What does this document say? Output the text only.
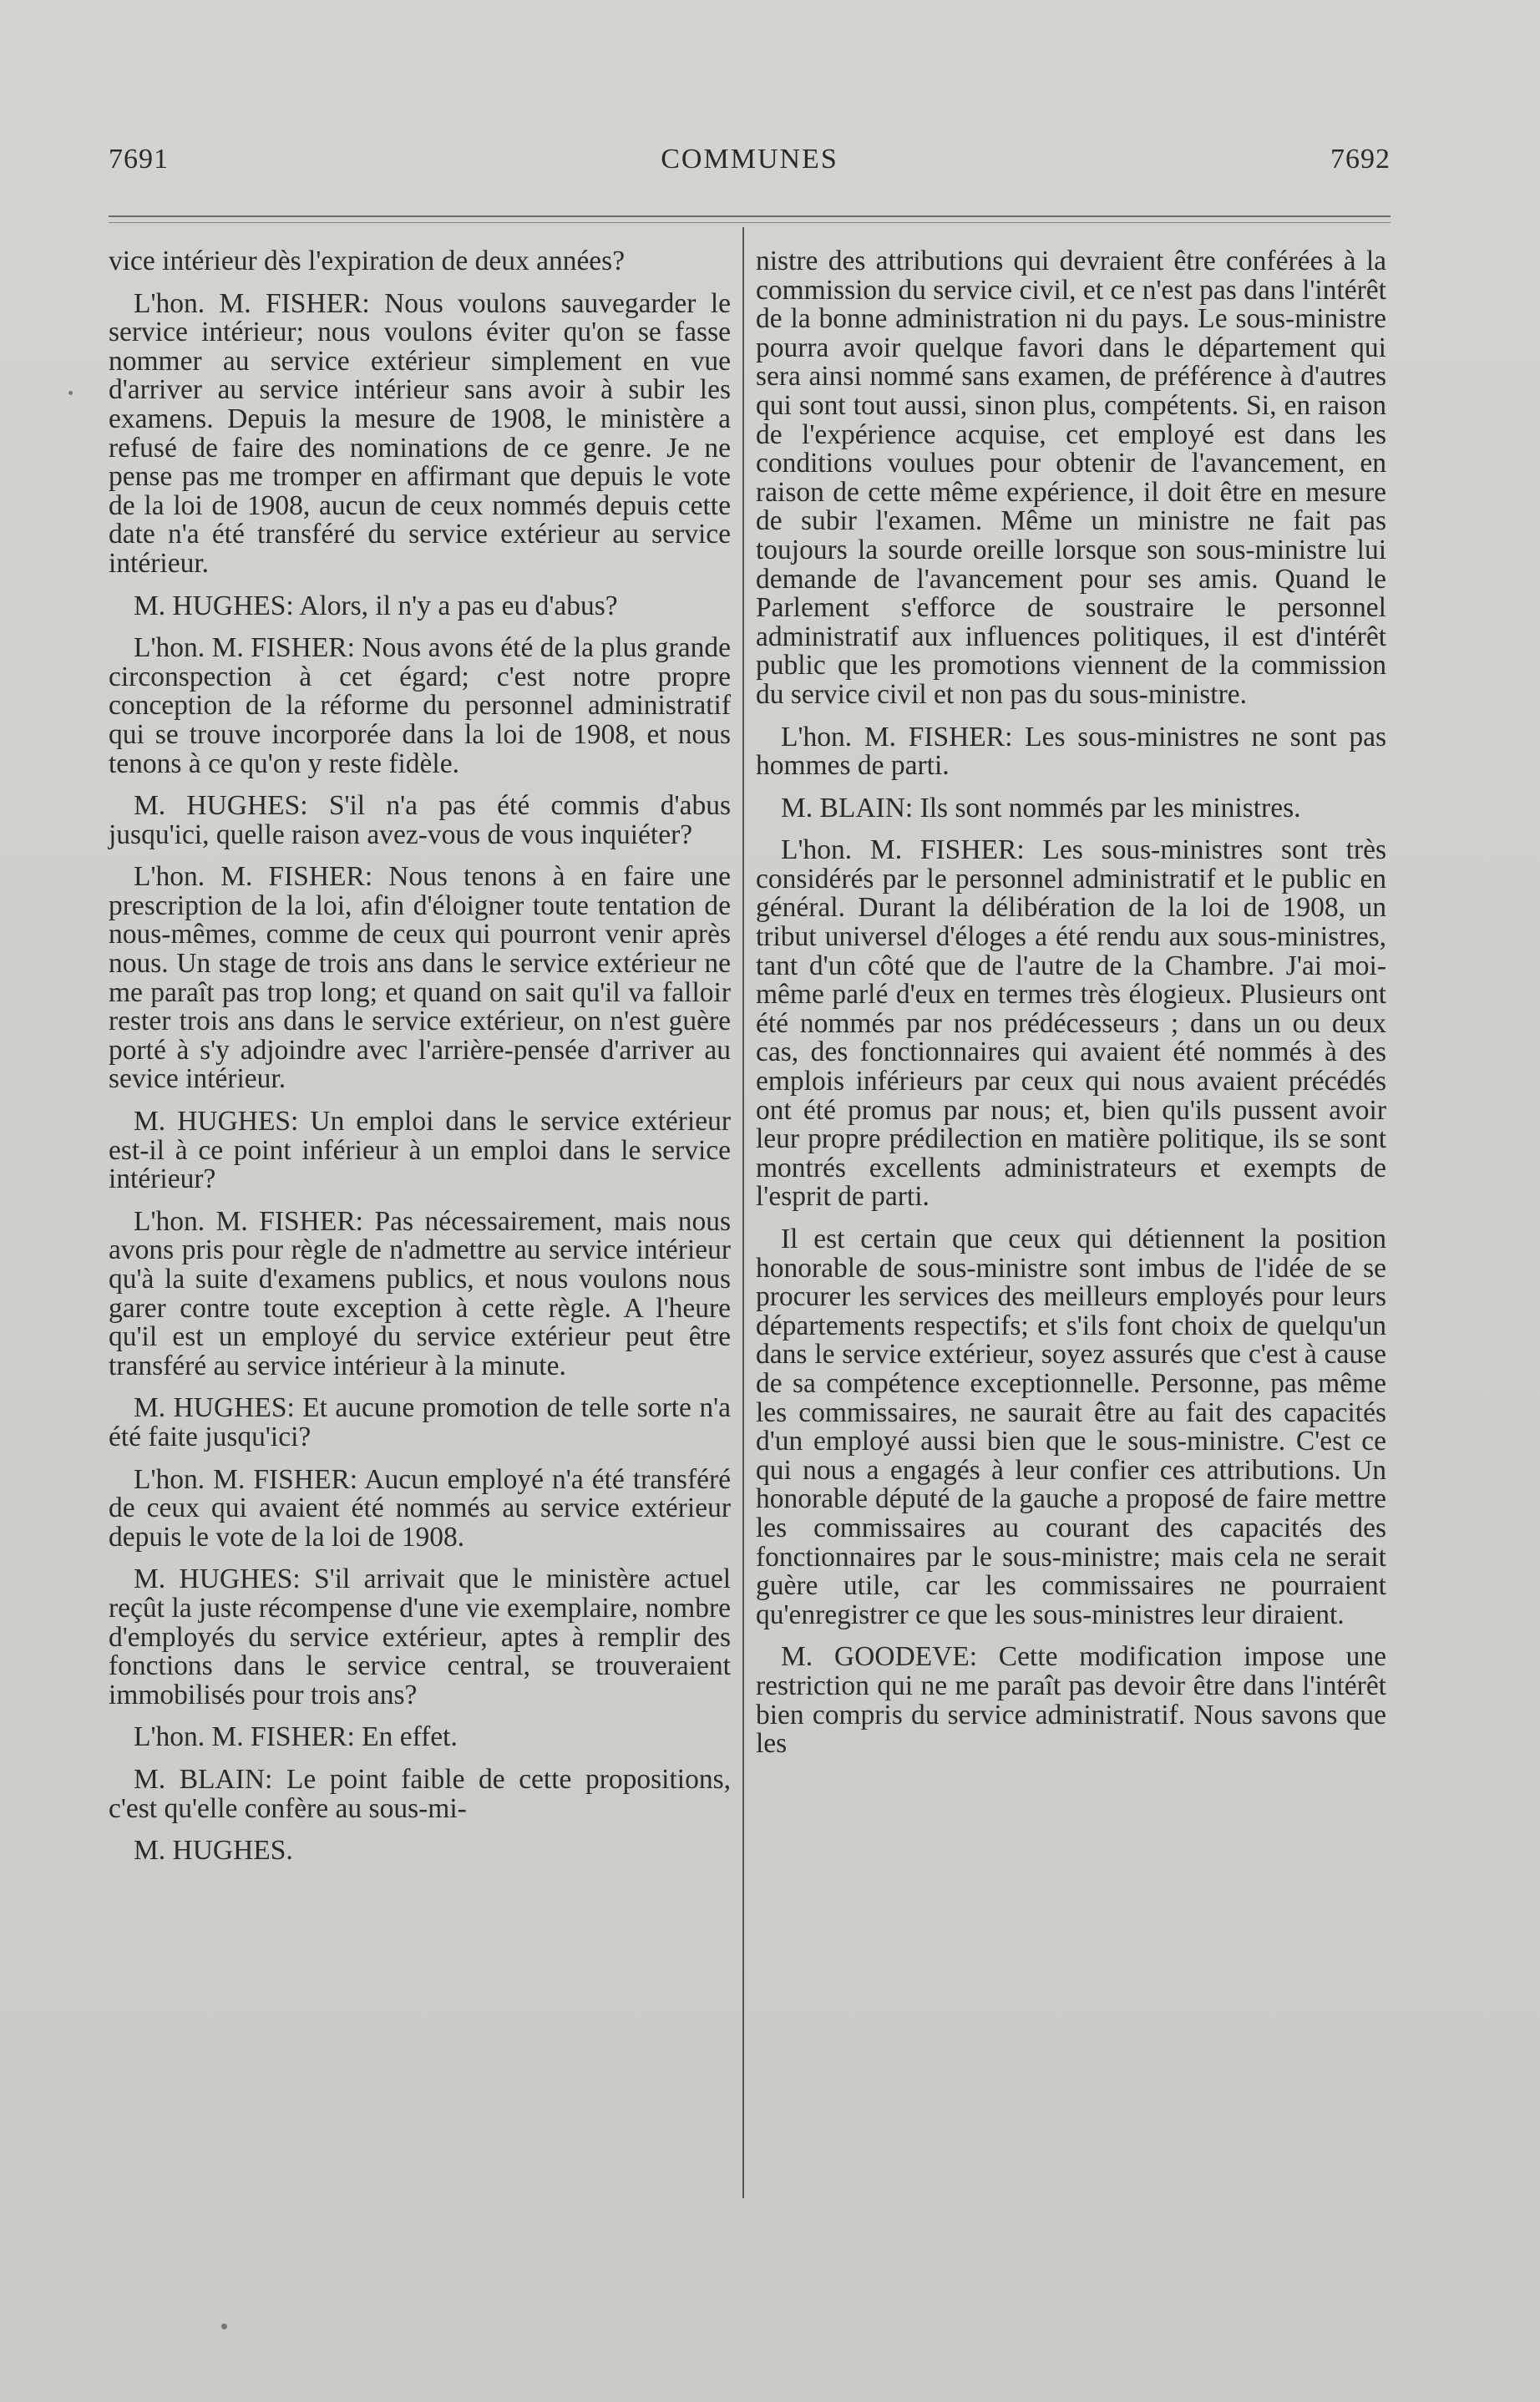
7691	COMMUNES	7692

vice intérieur dès l'expiration de deux années?

L'hon. M. FISHER: Nous voulons sauvegarder le service intérieur; nous voulons éviter qu'on se fasse nommer au service extérieur simplement en vue d'arriver au service intérieur sans avoir à subir les examens. Depuis la mesure de 1908, le ministère a refusé de faire des nominations de ce genre. Je ne pense pas me tromper en affirmant que depuis le vote de la loi de 1908, aucun de ceux nommés depuis cette date n'a été transféré du service extérieur au service intérieur.

M. HUGHES: Alors, il n'y a pas eu d'abus?

L'hon. M. FISHER: Nous avons été de la plus grande circonspection à cet égard; c'est notre propre conception de la réforme du personnel administratif qui se trouve incorporée dans la loi de 1908, et nous tenons à ce qu'on y reste fidèle.

M. HUGHES: S'il n'a pas été commis d'abus jusqu'ici, quelle raison avez-vous de vous inquiéter?

L'hon. M. FISHER: Nous tenons à en faire une prescription de la loi, afin d'éloigner toute tentation de nous-mêmes, comme de ceux qui pourront venir après nous. Un stage de trois ans dans le service extérieur ne me paraît pas trop long; et quand on sait qu'il va falloir rester trois ans dans le service extérieur, on n'est guère porté à s'y adjoindre avec l'arrière-pensée d'arriver au sevice intérieur.

M. HUGHES: Un emploi dans le service extérieur est-il à ce point inférieur à un emploi dans le service intérieur?

L'hon. M. FISHER: Pas nécessairement, mais nous avons pris pour règle de n'admettre au service intérieur qu'à la suite d'examens publics, et nous voulons nous garer contre toute exception à cette règle. A l'heure qu'il est un employé du service extérieur peut être transféré au service intérieur à la minute.

M. HUGHES: Et aucune promotion de telle sorte n'a été faite jusqu'ici?

L'hon. M. FISHER: Aucun employé n'a été transféré de ceux qui avaient été nommés au service extérieur depuis le vote de la loi de 1908.

M. HUGHES: S'il arrivait que le ministère actuel reçût la juste récompense d'une vie exemplaire, nombre d'employés du service extérieur, aptes à remplir des fonctions dans le service central, se trouveraient immobilisés pour trois ans?

L'hon. M. FISHER: En effet.

M. BLAIN: Le point faible de cette propositions, c'est qu'elle confère au sous-mi-

M. HUGHES.

nistre des attributions qui devraient être conférées à la commission du service civil, et ce n'est pas dans l'intérêt de la bonne administration ni du pays. Le sous-ministre pourra avoir quelque favori dans le département qui sera ainsi nommé sans examen, de préférence à d'autres qui sont tout aussi, sinon plus, compétents. Si, en raison de l'expérience acquise, cet employé est dans les conditions voulues pour obtenir de l'avancement, en raison de cette même expérience, il doit être en mesure de subir l'examen. Même un ministre ne fait pas toujours la sourde oreille lorsque son sous-ministre lui demande de l'avancement pour ses amis. Quand le Parlement s'efforce de soustraire le personnel administratif aux influences politiques, il est d'intérêt public que les promotions viennent de la commission du service civil et non pas du sous-ministre.

L'hon. M. FISHER: Les sous-ministres ne sont pas hommes de parti.

M. BLAIN: Ils sont nommés par les ministres.

L'hon. M. FISHER: Les sous-ministres sont très considérés par le personnel administratif et le public en général. Durant la délibération de la loi de 1908, un tribut universel d'éloges a été rendu aux sous-ministres, tant d'un côté que de l'autre de la Chambre. J'ai moi-même parlé d'eux en termes très élogieux. Plusieurs ont été nommés par nos prédécesseurs ; dans un ou deux cas, des fonctionnaires qui avaient été nommés à des emplois inférieurs par ceux qui nous avaient précédés ont été promus par nous; et, bien qu'ils pussent avoir leur propre prédilection en matière politique, ils se sont montrés excellents administrateurs et exempts de l'esprit de parti.

Il est certain que ceux qui détiennent la position honorable de sous-ministre sont imbus de l'idée de se procurer les services des meilleurs employés pour leurs départements respectifs; et s'ils font choix de quelqu'un dans le service extérieur, soyez assurés que c'est à cause de sa compétence exceptionnelle. Personne, pas même les commissaires, ne saurait être au fait des capacités d'un employé aussi bien que le sous-ministre. C'est ce qui nous a engagés à leur confier ces attributions. Un honorable député de la gauche a proposé de faire mettre les commissaires au courant des capacités des fonctionnaires par le sous-ministre; mais cela ne serait guère utile, car les commissaires ne pourraient qu'enregistrer ce que les sous-ministres leur diraient.

M. GOODEVE: Cette modification impose une restriction qui ne me paraît pas devoir être dans l'intérêt bien compris du service administratif. Nous savons que les
